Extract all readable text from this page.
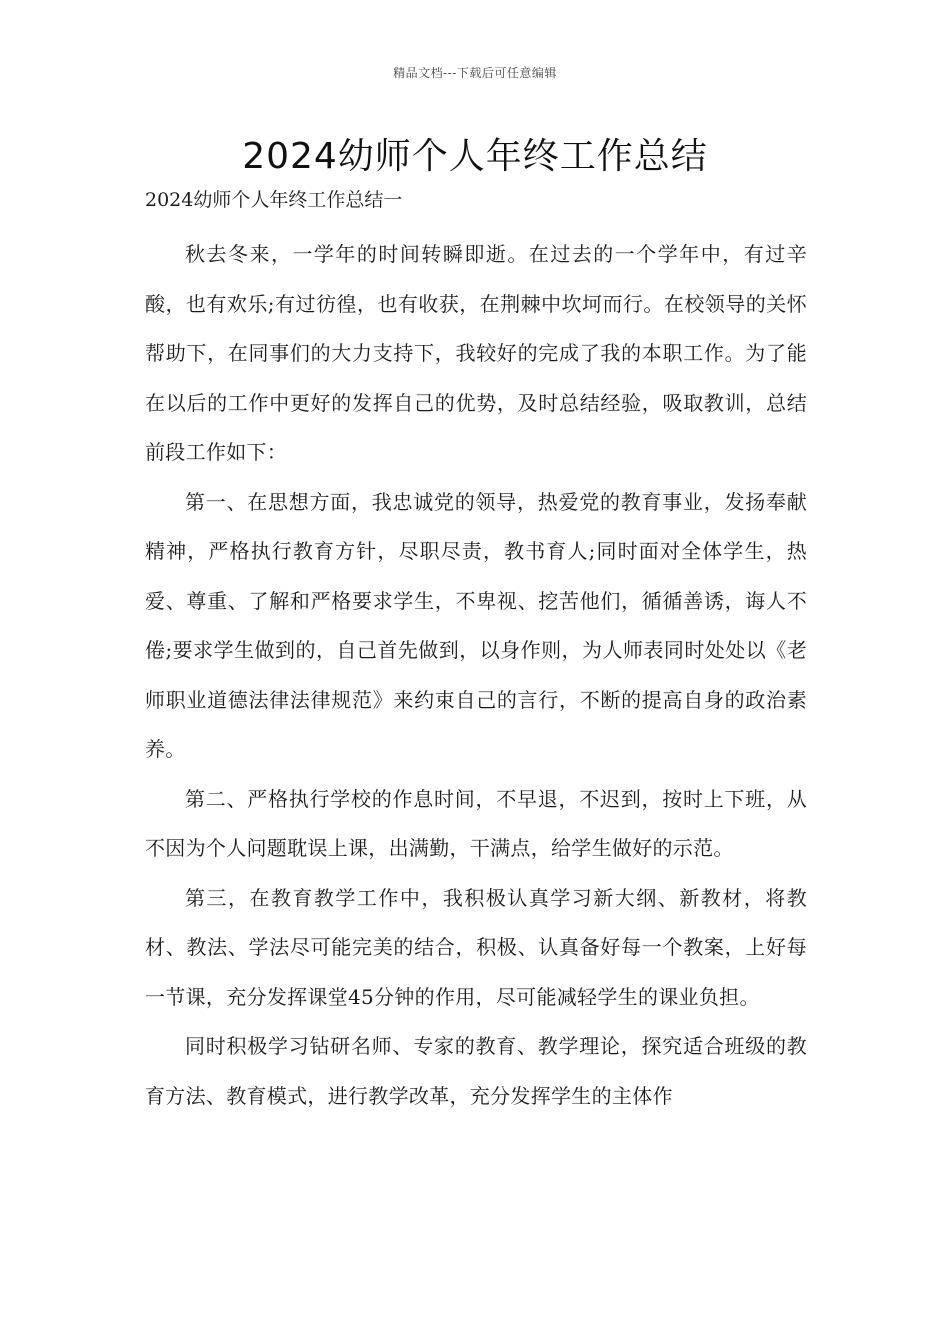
精品文档---下载后可任意编辑
2024幼师个人年终工作总结

2024幼师个人年终工作总结一

秋去冬来，一学年的时间转瞬即逝。在过去的一个学年中，有过辛酸，也有欢乐;有过彷徨，也有收获，在荆棘中坎坷而行。在校领导的关怀帮助下，在同事们的大力支持下，我较好的完成了我的本职工作。为了能在以后的工作中更好的发挥自己的优势，及时总结经验，吸取教训，总结前段工作如下：

第一、在思想方面，我忠诚党的领导，热爱党的教育事业，发扬奉献精神，严格执行教育方针，尽职尽责，教书育人;同时面对全体学生，热爱、尊重、了解和严格要求学生，不卑视、挖苦他们，循循善诱，诲人不倦;要求学生做到的，自己首先做到，以身作则，为人师表同时处处以《老师职业道德法律法律规范》来约束自己的言行，不断的提高自身的政治素养。

第二、严格执行学校的作息时间，不早退，不迟到，按时上下班，从不因为个人问题耽误上课，出满勤，干满点，给学生做好的示范。

第三，在教育教学工作中，我积极认真学习新大纲、新教材，将教材、教法、学法尽可能完美的结合，积极、认真备好每一个教案，上好每一节课，充分发挥课堂45分钟的作用，尽可能减轻学生的课业负担。

同时积极学习钻研名师、专家的教育、教学理论，探究适合班级的教育方法、教育模式，进行教学改革，充分发挥学生的主体作
